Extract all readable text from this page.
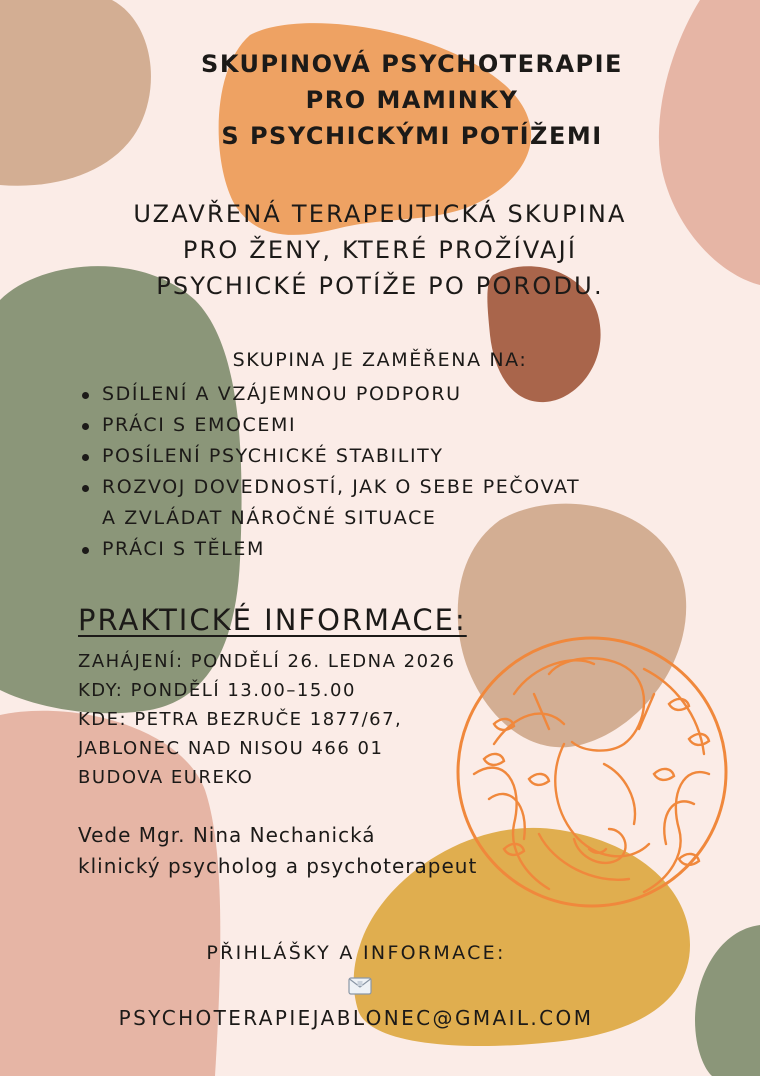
SKUPINOVÁ PSYCHOTERAPIE
PRO MAMINKY
S PSYCHICKÝMI POTÍŽEMI
UZAVŘENÁ TERAPEUTICKÁ SKUPINA
PRO ŽENY, KTERÉ PROŽÍVAJÍ
PSYCHICKÉ POTÍŽE PO PORODU.
SKUPINA JE ZAMĚŘENA NA:
SDÍLENÍ A VZÁJEMNOU PODPORU
PRÁCI S EMOCEMI
POSÍLENÍ PSYCHICKÉ STABILITY
ROZVOJ DOVEDNOSTÍ, JAK O SEBE PEČOVAT
A ZVLÁDAT NÁROČNÉ SITUACE
PRÁCI S TĚLEM
PRAKTICKÉ INFORMACE:
ZAHÁJENÍ: PONDĚLÍ 26. LEDNA 2026
KDY: PONDĚLÍ 13.00–15.00
KDE: PETRA BEZRUČE 1877/67,
JABLONEC NAD NISOU 466 01
BUDOVA EUREKO
Vede Mgr. Nina Nechanická
klinický psycholog a psychoterapeut
PŘIHLÁŠKY A INFORMACE:
PSYCHOTERAPIEJABLONEC@GMAIL.COM
